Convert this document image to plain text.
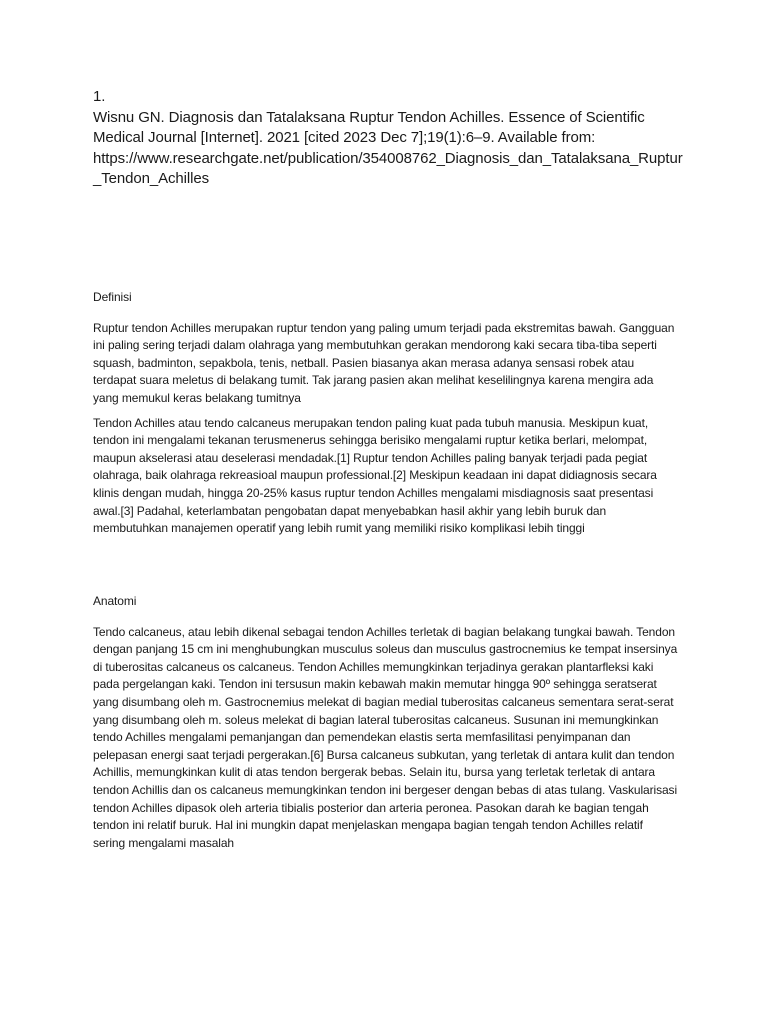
1.
Wisnu GN. Diagnosis dan Tatalaksana Ruptur Tendon Achilles. Essence of Scientific Medical Journal [Internet]. 2021 [cited 2023 Dec 7];19(1):6–9. Available from:
https://www.researchgate.net/publication/354008762_Diagnosis_dan_Tatalaksana_Ruptur_Tendon_Achilles

Definisi

Ruptur tendon Achilles merupakan ruptur tendon yang paling umum terjadi pada ekstremitas bawah. Gangguan ini paling sering terjadi dalam olahraga yang membutuhkan gerakan mendorong kaki secara tiba-tiba seperti squash, badminton, sepakbola, tenis, netball. Pasien biasanya akan merasa adanya sensasi robek atau terdapat suara meletus di belakang tumit. Tak jarang pasien akan melihat keselilingnya karena mengira ada yang memukul keras belakang tumitnya

Tendon Achilles atau tendo calcaneus merupakan tendon paling kuat pada tubuh manusia. Meskipun kuat, tendon ini mengalami tekanan terusmenerus sehingga berisiko mengalami ruptur ketika berlari, melompat, maupun akselerasi atau deselerasi mendadak.[1] Ruptur tendon Achilles paling banyak terjadi pada pegiat olahraga, baik olahraga rekreasioal maupun professional.[2] Meskipun keadaan ini dapat didiagnosis secara klinis dengan mudah, hingga 20-25% kasus ruptur tendon Achilles mengalami misdiagnosis saat presentasi awal.[3] Padahal, keterlambatan pengobatan dapat menyebabkan hasil akhir yang lebih buruk dan membutuhkan manajemen operatif yang lebih rumit yang memiliki risiko komplikasi lebih tinggi

Anatomi

Tendo calcaneus, atau lebih dikenal sebagai tendon Achilles terletak di bagian belakang tungkai bawah. Tendon dengan panjang 15 cm ini menghubungkan musculus soleus dan musculus gastrocnemius ke tempat insersinya di tuberositas calcaneus os calcaneus. Tendon Achilles memungkinkan terjadinya gerakan plantarfleksi kaki pada pergelangan kaki. Tendon ini tersusun makin kebawah makin memutar hingga 90º sehingga seratserat yang disumbang oleh m. Gastrocnemius melekat di bagian medial tuberositas calcaneus sementara serat-serat yang disumbang oleh m. soleus melekat di bagian lateral tuberositas calcaneus. Susunan ini memungkinkan tendo Achilles mengalami pemanjangan dan pemendekan elastis serta memfasilitasi penyimpanan dan pelepasan energi saat terjadi pergerakan.[6] Bursa calcaneus subkutan, yang terletak di antara kulit dan tendon Achillis, memungkinkan kulit di atas tendon bergerak bebas. Selain itu, bursa yang terletak terletak di antara tendon Achillis dan os calcaneus memungkinkan tendon ini bergeser dengan bebas di atas tulang. Vaskularisasi tendon Achilles dipasok oleh arteria tibialis posterior dan arteria peronea. Pasokan darah ke bagian tengah tendon ini relatif buruk. Hal ini mungkin dapat menjelaskan mengapa bagian tengah tendon Achilles relatif sering mengalami masalah
